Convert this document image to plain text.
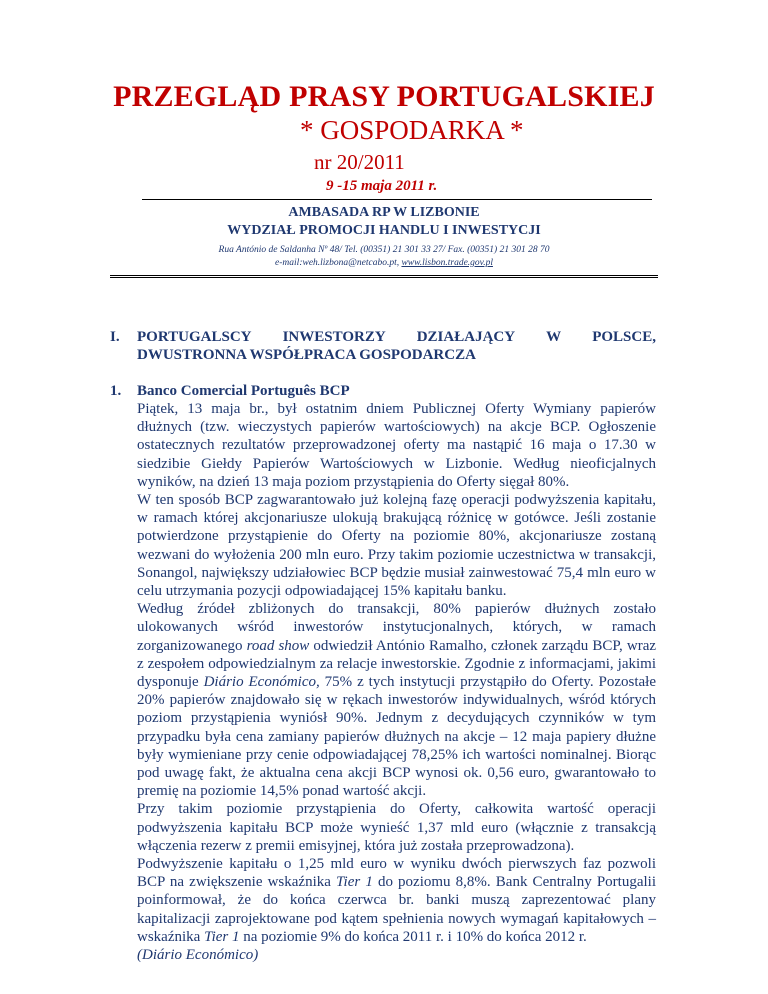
PRZEGLĄD PRASY PORTUGALSKIEJ
* GOSPODARKA *
nr 20/2011
9 -15 maja 2011 r.
AMBASADA RP W LIZBONIE
WYDZIAŁ PROMOCJI HANDLU I INWESTYCJI
Rua António de Saldanha Nº 48/ Tel. (00351) 21 301 33 27/ Fax. (00351) 21 301 28 70
e-mail:weh.lizbona@netcabo.pt, www.lisbon.trade.gov.pl
I. PORTUGALSCY INWESTORZY DZIAŁAJĄCY W POLSCE,
DWUSTRONNA WSPÓŁPRACA GOSPODARCZA
1. Banco Comercial Português BCP

Piątek, 13 maja br., był ostatnim dniem Publicznej Oferty Wymiany papierów dłużnych (tzw. wieczystych papierów wartościowych) na akcje BCP. Ogłoszenie ostatecznych rezultatów przeprowadzonej oferty ma nastąpić 16 maja o 17.30 w siedzibie Giełdy Papierów Wartościowych w Lizbonie. Według nieoficjalnych wyników, na dzień 13 maja poziom przystąpienia do Oferty sięgał 80%.

W ten sposób BCP zagwarantowało już kolejną fazę operacji podwyższenia kapitału, w ramach której akcjonariusze ulokują brakującą różnicę w gotówce. Jeśli zostanie potwierdzone przystąpienie do Oferty na poziomie 80%, akcjonariusze zostaną wezwani do wyłożenia 200 mln euro. Przy takim poziomie uczestnictwa w transakcji, Sonangol, największy udziałowiec BCP będzie musiał zainwestować 75,4 mln euro w celu utrzymania pozycji odpowiadającej 15% kapitału banku.

Według źródeł zbliżonych do transakcji, 80% papierów dłużnych zostało ulokowanych wśród inwestorów instytucjonalnych, których, w ramach zorganizowanego road show odwiedził António Ramalho, członek zarządu BCP, wraz z zespołem odpowiedzialnym za relacje inwestorskie. Zgodnie z informacjami, jakimi dysponuje Diário Económico, 75% z tych instytucji przystąpiło do Oferty. Pozostałe 20% papierów znajdowało się w rękach inwestorów indywidualnych, wśród których poziom przystąpienia wyniósł 90%. Jednym z decydujących czynników w tym przypadku była cena zamiany papierów dłużnych na akcje – 12 maja papiery dłużne były wymieniane przy cenie odpowiadającej 78,25% ich wartości nominalnej. Biorąc pod uwagę fakt, że aktualna cena akcji BCP wynosi ok. 0,56 euro, gwarantowało to premię na poziomie 14,5% ponad wartość akcji.

Przy takim poziomie przystąpienia do Oferty, całkowita wartość operacji podwyższenia kapitału BCP może wynieść 1,37 mld euro (włącznie z transakcją włączenia rezerw z premii emisyjnej, która już została przeprowadzona).

Podwyższenie kapitału o 1,25 mld euro w wyniku dwóch pierwszych faz pozwoli BCP na zwiększenie wskaźnika Tier 1 do poziomu 8,8%. Bank Centralny Portugalii poinformował, że do końca czerwca br. banki muszą zaprezentować plany kapitalizacji zaprojektowane pod kątem spełnienia nowych wymagań kapitałowych – wskaźnika Tier 1 na poziomie 9% do końca 2011 r. i 10% do końca 2012 r.

(Diário Económico)
